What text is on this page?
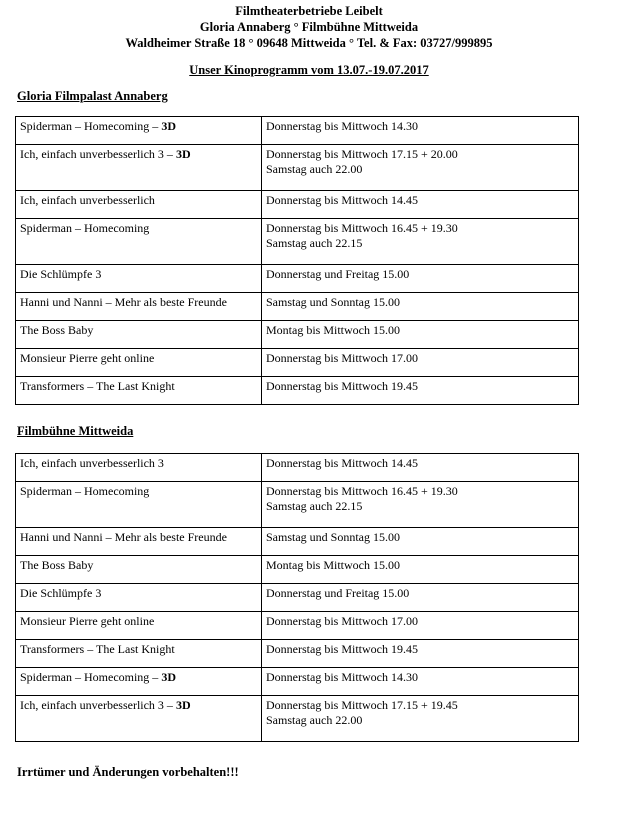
Filmtheaterbetriebe Leibelt
Gloria Annaberg ° Filmbühne Mittweida
Waldheimer Straße 18 ° 09648 Mittweida ° Tel. & Fax: 03727/999895
Unser Kinoprogramm vom 13.07.-19.07.2017
Gloria Filmpalast Annaberg
Spiderman – Homecoming – 3D	Donnerstag bis Mittwoch 14.30

Ich, einfach unverbesserlich 3 – 3D	Donnerstag bis Mittwoch 17.15 + 20.00
Samstag auch 22.00

Ich, einfach unverbesserlich	Donnerstag bis Mittwoch 14.45

Spiderman – Homecoming	Donnerstag bis Mittwoch 16.45 + 19.30
Samstag auch 22.15

Die Schlümpfe 3	Donnerstag und Freitag 15.00

Hanni und Nanni – Mehr als beste Freunde	Samstag und Sonntag 15.00

The Boss Baby	Montag bis Mittwoch 15.00

Monsieur Pierre geht online	Donnerstag bis Mittwoch 17.00

Transformers – The Last Knight	Donnerstag bis Mittwoch 19.45
Filmbühne Mittweida
Ich, einfach unverbesserlich 3	Donnerstag bis Mittwoch 14.45

Spiderman – Homecoming	Donnerstag bis Mittwoch 16.45 + 19.30
Samstag auch 22.15

Hanni und Nanni – Mehr als beste Freunde	Samstag und Sonntag 15.00

The Boss Baby	Montag bis Mittwoch 15.00

Die Schlümpfe 3	Donnerstag und Freitag 15.00

Monsieur Pierre geht online	Donnerstag bis Mittwoch 17.00

Transformers – The Last Knight	Donnerstag bis Mittwoch 19.45

Spiderman – Homecoming – 3D	Donnerstag bis Mittwoch 14.30

Ich, einfach unverbesserlich 3 – 3D	Donnerstag bis Mittwoch 17.15 + 19.45
Samstag auch 22.00
Irrtümer und Änderungen vorbehalten!!!
